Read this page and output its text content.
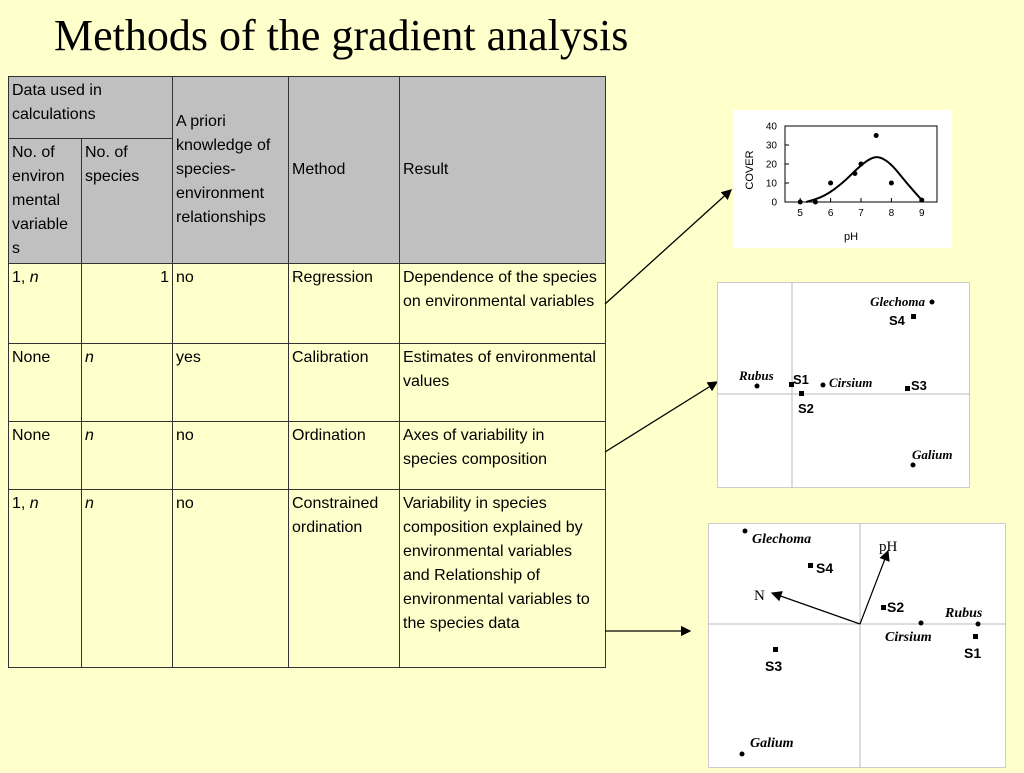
Methods of the gradient analysis
Data used in calculations		A priori knowledge of species-environment relationships	Method	Result
No. of environ mental variable s	No. of species			
1, n	1	no	Regression	Dependence of the species on environmental variables
None	n	yes	Calibration	Estimates of environmental values
None	n	no	Ordination	Axes of variability in species composition
1, n	n	no	Constrained ordination	Variability in species composition explained by environmental variables and Relationship of environmental variables to the species data
40
30
20
10
0
5 6 7 8 9
COVER
pH
Glechoma
Rubus	Cirsium
Galium
S1
S2
S3
S4
pH
N
Glechoma
Rubus
Cirsium
Galium
S1
S2
S3
S4
